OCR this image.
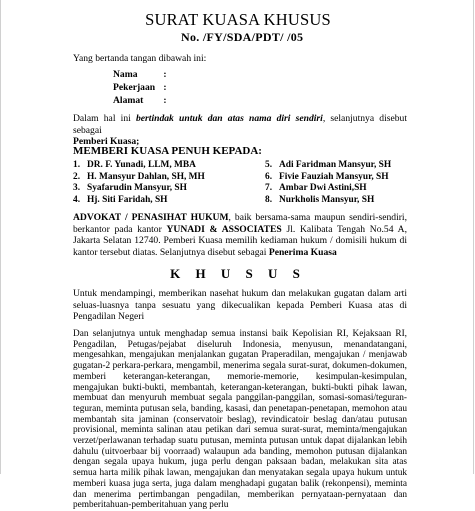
SURAT KUASA KHUSUS
No. /FY/SDA/PDT/ /05
Yang bertanda tangan dibawah ini:
Nama	:
Pekerjaan :
Alamat :
Dalam hal ini bertindak untuk dan atas nama diri sendiri, selanjutnya disebut sebagai
Pemberi Kuasa;
MEMBERI KUASA PENUH KEPADA:
1. DR. F. Yunadi, LLM, MBA
2. H. Mansyur Dahlan, SH, MH
3. Syafarudin Mansyur, SH
4. Hj. Siti Faridah, SH
5. Adi Faridman Mansyur, SH
6. Fivie Fauziah Mansyur, SH
7. Ambar Dwi Astini,SH
8. Nurkholis Mansyur, SH
ADVOKAT / PENASIHAT HUKUM, baik bersama-sama maupun sendiri-sendiri, berkantor pada kantor YUNADI & ASSOCIATES Jl. Kalibata Tengah No.54 A, Jakarta Selatan 12740. Pemberi Kuasa memilih kediaman hukum / domisili hukum di kantor tersebut diatas. Selanjutnya disebut sebagai Penerima Kuasa
K H U S U S
Untuk mendampingi, memberikan nasehat hukum dan melakukan gugatan dalam arti seluas-luasnya tanpa sesuatu yang dikecualikan kepada Pemberi Kuasa atas di Pengadilan Negeri
Dan selanjutnya untuk menghadap semua instansi baik Kepolisian RI, Kejaksaan RI, Pengadilan, Petugas/pejabat diseluruh Indonesia, menyusun, menandatangani, mengesahkan, mengajukan menjalankan gugatan Praperadilan, mengajukan / menjawab gugatan-2 perkara-perkara, mengambil, menerima segala surat-surat, dokumen-dokumen, memberi keterangan-keterangan, memorie-memorie, kesimpulan-kesimpulan, mengajukan bukti-bukti, membantah, keterangan-keterangan, bukti-bukti pihak lawan, membuat dan menyuruh membuat segala panggilan-panggilan, somasi-somasi/teguran-teguran, meminta putusan sela, banding, kasasi, dan penetapan-penetapan, memohon atau membantah sita jaminan (conservatoir beslag), revindicatoir beslag dan/atau putusan provisional, meminta salinan atau petikan dari semua surat-surat, meminta/mengajukan verzet/perlawanan terhadap suatu putusan, meminta putusan untuk dapat dijalankan lebih dahulu (uitvoerbaar bij voorraad) walaupun ada banding, memohon putusan dijalankan dengan segala upaya hukum, juga perlu dengan paksaan badan, melakukan sita atas semua harta milik pihak lawan, mengajukan dan menyatakan segala upaya hukum untuk memberi kuasa juga serta, juga dalam menghadapi gugatan balik (rekonpensi), meminta dan menerima pertimbangan pengadilan, memberikan pernyataan-pernyataan dan pemberitahuan-pemberitahuan yang perlu
